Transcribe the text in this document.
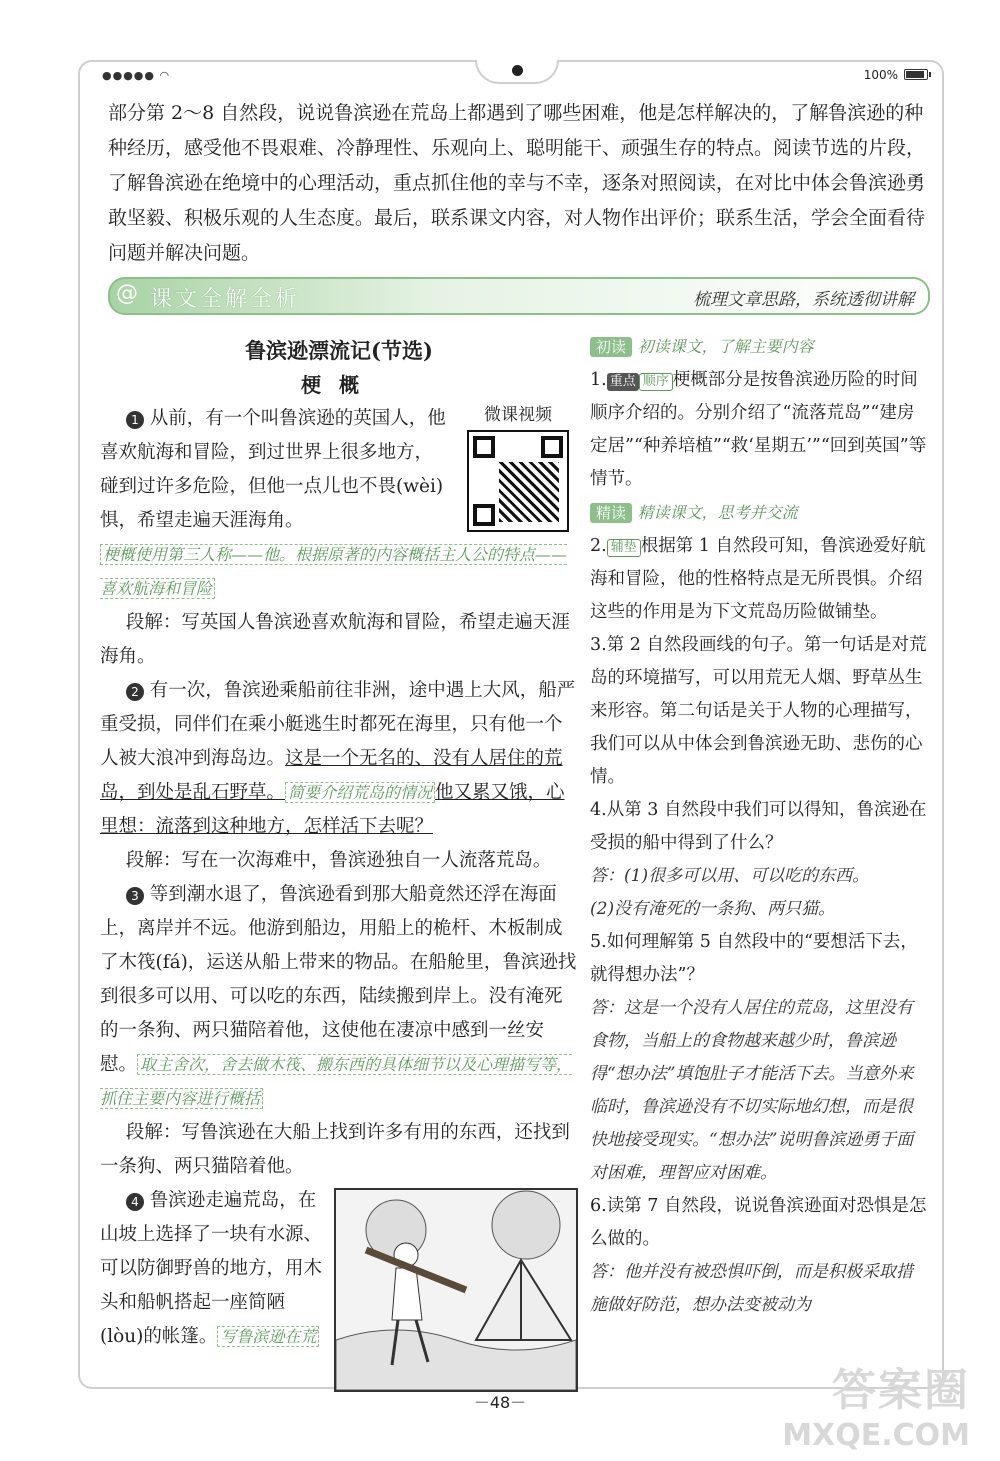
●●●●● ◠	100%
部分第 2～8 自然段，说说鲁滨逊在荒岛上都遇到了哪些困难，他是怎样解决的，了解鲁滨逊的种种经历，感受他不畏艰难、冷静理性、乐观向上、聪明能干、顽强生存的特点。阅读节选的片段，了解鲁滨逊在绝境中的心理活动，重点抓住他的幸与不幸，逐条对照阅读，在对比中体会鲁滨逊勇敢坚毅、积极乐观的人生态度。最后，联系课文内容，对人物作出评价；联系生活，学会全面看待问题并解决问题。
@ 课文全解全析	梳理文章思路，系统透彻讲解
鲁滨逊漂流记(节选)
梗概
微课视频

1 从前，有一个叫鲁滨逊的英国人，他喜欢航海和冒险，到过世界上很多地方，碰到过许多危险，但他一点儿也不畏(wèi)惧，希望走遍天涯海角。

梗概使用第三人称——他。根据原著的内容概括主人公的特点——喜欢航海和冒险

段解：写英国人鲁滨逊喜欢航海和冒险，希望走遍天涯海角。

2 有一次，鲁滨逊乘船前往非洲，途中遇上大风，船严重受损，同伴们在乘小艇逃生时都死在海里，只有他一个人被大浪冲到海岛边。这是一个无名的、没有人居住的荒岛，到处是乱石野草。 简要介绍荒岛的情况 他又累又饿，心里想：流落到这种地方，怎样活下去呢？

段解：写在一次海难中，鲁滨逊独自一人流落荒岛。

3 等到潮水退了，鲁滨逊看到那大船竟然还浮在海面上，离岸并不远。他游到船边，用船上的桅杆、木板制成了木筏(fá)，运送从船上带来的物品。在船舱里，鲁滨逊找到很多可以用、可以吃的东西，陆续搬到岸上。没有淹死的一条狗、两只猫陪着他，这使他在凄凉中感到一丝安慰。 取主舍次，舍去做木筏、搬东西的具体细节以及心理描写等，抓住主要内容进行概括

段解：写鲁滨逊在大船上找到许多有用的东西，还找到一条狗、两只猫陪着他。

4 鲁滨逊走遍荒岛，在山坡上选择了一块有水源、可以防御野兽的地方，用木头和船帆搭起一座简陋(lòu)的帐篷。 写鲁滨逊在荒

初读 初读课文，了解主要内容

1. 重点 顺序 梗概部分是按鲁滨逊历险的时间顺序介绍的。分别介绍了“流落荒岛”“建房定居”“种养培植”“救‘星期五’”“回到英国”等情节。

精读 精读课文，思考并交流

2. 辅垫 根据第 1 自然段可知，鲁滨逊爱好航海和冒险，他的性格特点是无所畏惧。介绍这些的作用是为下文荒岛历险做铺垫。

3.第 2 自然段画线的句子。第一句话是对荒岛的环境描写，可以用荒无人烟、野草丛生来形容。第二句话是关于人物的心理描写，我们可以从中体会到鲁滨逊无助、悲伤的心情。

4.从第 3 自然段中我们可以得知，鲁滨逊在受损的船中得到了什么？

答：(1)很多可以用、可以吃的东西。

(2)没有淹死的一条狗、两只猫。

5.如何理解第 5 自然段中的“要想活下去，就得想办法”？

答：这是一个没有人居住的荒岛，这里没有食物，当船上的食物越来越少时，鲁滨逊得“想办法”填饱肚子才能活下去。当意外来临时，鲁滨逊没有不切实际地幻想，而是很快地接受现实。“想办法”说明鲁滨逊勇于面对困难，理智应对困难。

6.读第 7 自然段，说说鲁滨逊面对恐惧是怎么做的。

答：他并没有被恐惧吓倒，而是积极采取措施做好防范，想办法变被动为

－48－	答案圈
MXQE.COM
